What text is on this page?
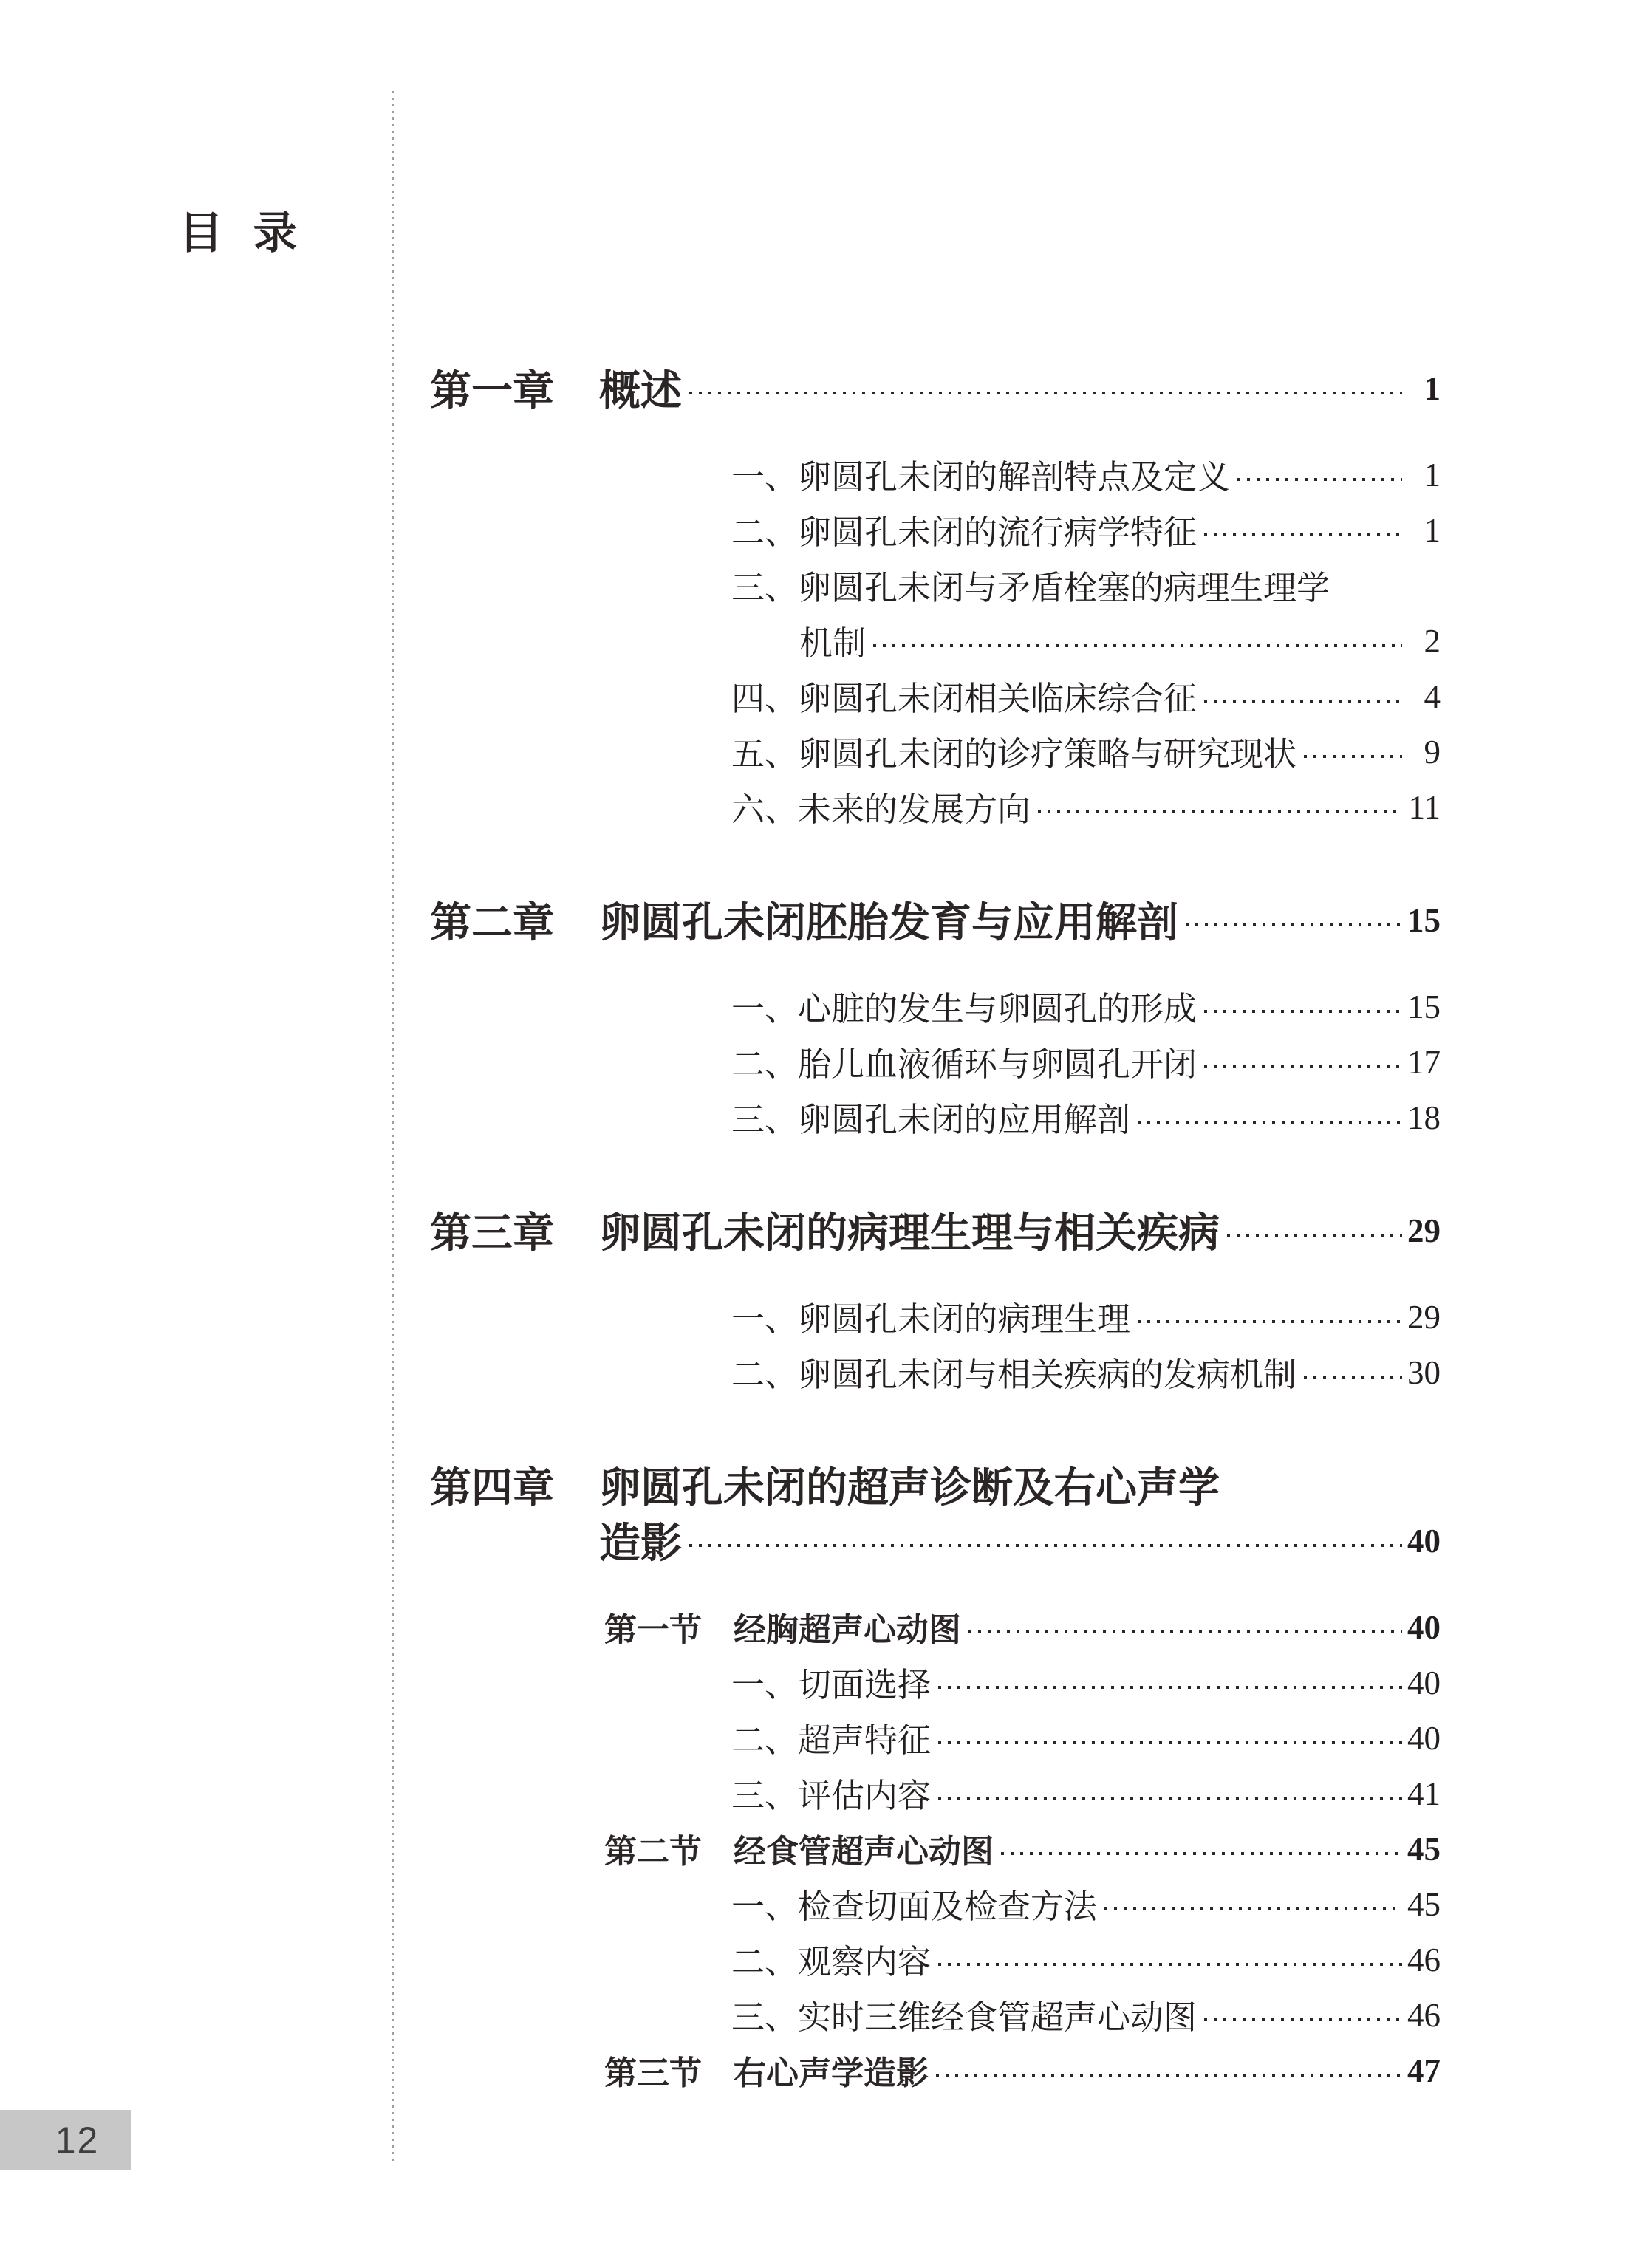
目 录
第一章 概述	1
一、卵圆孔未闭的解剖特点及定义	1
二、卵圆孔未闭的流行病学特征	1
三、卵圆孔未闭与矛盾栓塞的病理生理学
机制	2
四、卵圆孔未闭相关临床综合征	4
五、卵圆孔未闭的诊疗策略与研究现状	9
六、未来的发展方向	11
第二章 卵圆孔未闭胚胎发育与应用解剖	15
一、心脏的发生与卵圆孔的形成	15
二、胎儿血液循环与卵圆孔开闭	17
三、卵圆孔未闭的应用解剖	18
第三章 卵圆孔未闭的病理生理与相关疾病	29
一、卵圆孔未闭的病理生理	29
二、卵圆孔未闭与相关疾病的发病机制	30
第四章 卵圆孔未闭的超声诊断及右心声学
造影	40
第一节 经胸超声心动图	40
一、切面选择	40
二、超声特征	40
三、评估内容	41
第二节 经食管超声心动图	45
一、检查切面及检查方法	45
二、观察内容	46
三、实时三维经食管超声心动图	46
第三节 右心声学造影	47
12
